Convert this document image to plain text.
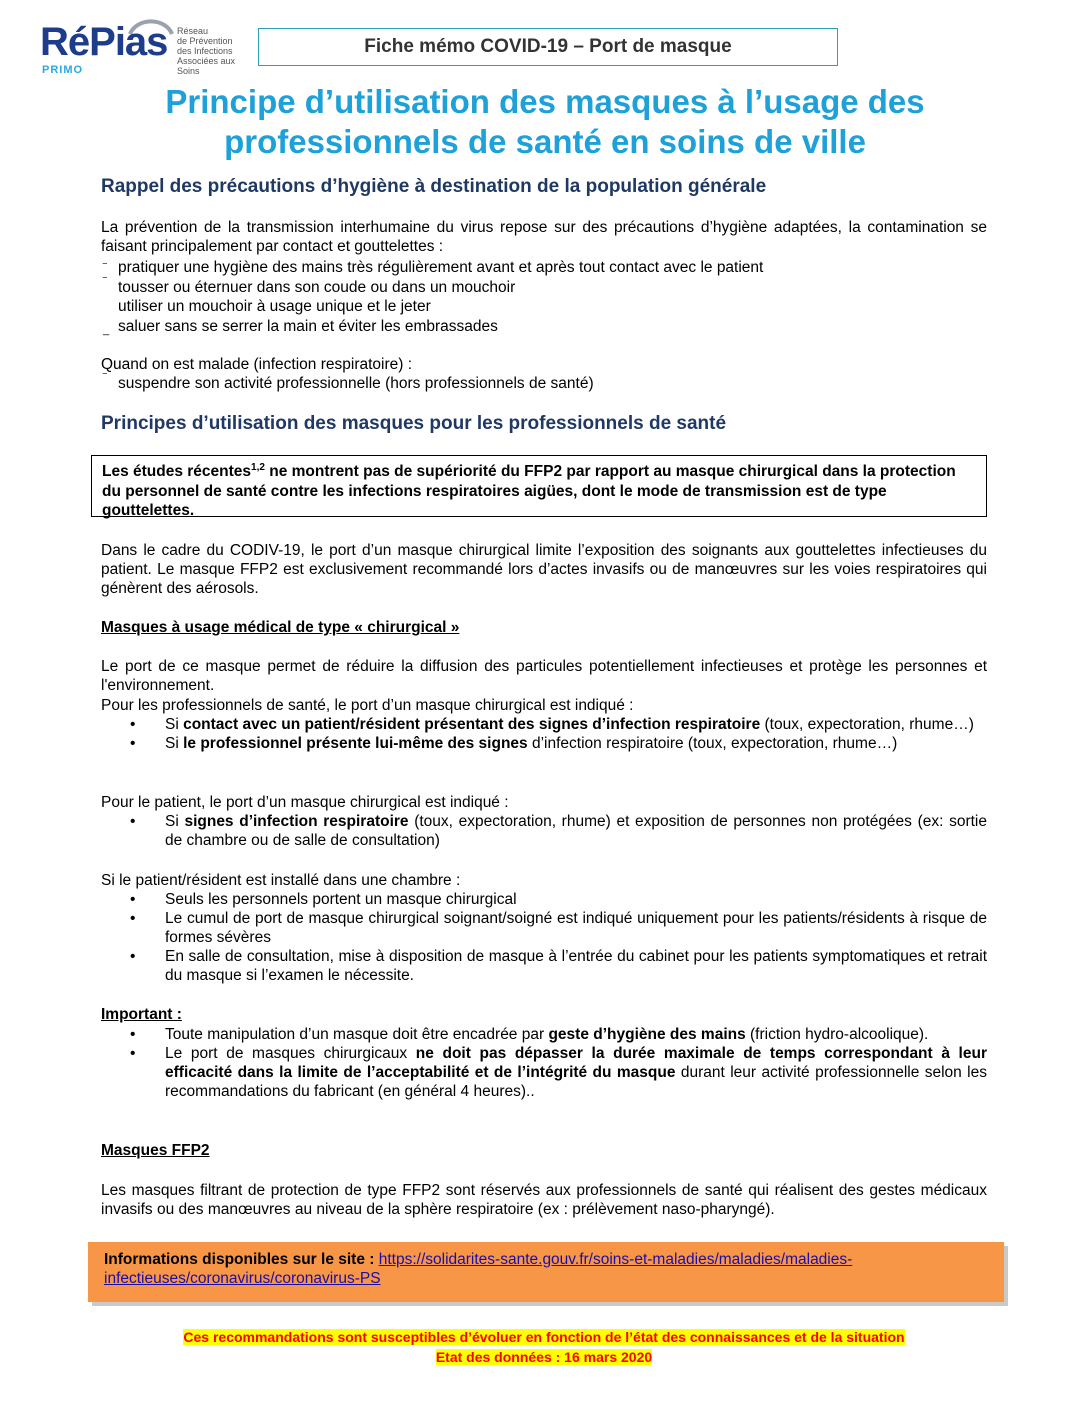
RéPias Réseau
de Prévention
des Infections
Associées aux Soins
PRIMO
Fiche mémo COVID-19 – Port de masque
Principe d’utilisation des masques à l’usage des
professionnels de santé en soins de ville
Rappel des précautions d’hygiène à destination de la population générale

La prévention de la transmission interhumaine du virus repose sur des précautions d’hygiène adaptées, la contamination se faisant principalement par contact et gouttelettes :

‾ pratiquer une hygiène des mains très régulièrement avant et après tout contact avec le patient
‾ tousser ou éternuer dans son coude ou dans un mouchoir
utiliser un mouchoir à usage unique et le jeter
_ saluer sans se serrer la main et éviter les embrassades

Quand on est malade (infection respiratoire) :

‾ suspendre son activité professionnelle (hors professionnels de santé)
Principes d’utilisation des masques pour les professionnels de santé
Les études récentes$^{1,2}$ ne montrent pas de supériorité du FFP2 par rapport au masque chirurgical dans la protection du personnel de santé contre les infections respiratoires aigües, dont le mode de transmission est de type gouttelettes.

Dans le cadre du CODIV-19, le port d’un masque chirurgical limite l’exposition des soignants aux gouttelettes infectieuses du patient. Le masque FFP2 est exclusivement recommandé lors d’actes invasifs ou de manœuvres sur les voies respiratoires qui génèrent des aérosols.

Masques à usage médical de type « chirurgical »

Le port de ce masque permet de réduire la diffusion des particules potentiellement infectieuses et protège les personnes et l'environnement.

Pour les professionnels de santé, le port d’un masque chirurgical est indiqué :

• Si contact avec un patient/résident présentant des signes d’infection respiratoire (toux, expectoration, rhume…)
• Si le professionnel présente lui-même des signes d’infection respiratoire (toux, expectoration, rhume…)

Pour le patient, le port d’un masque chirurgical est indiqué :

• Si signes d’infection respiratoire (toux, expectoration, rhume) et exposition de personnes non protégées (ex: sortie de chambre ou de salle de consultation)

Si le patient/résident est installé dans une chambre :

• Seuls les personnels portent un masque chirurgical
• Le cumul de port de masque chirurgical soignant/soigné est indiqué uniquement pour les patients/résidents à risque de formes sévères
• En salle de consultation, mise à disposition de masque à l’entrée du cabinet pour les patients symptomatiques et retrait du masque si l’examen le nécessite.

Important :

• Toute manipulation d’un masque doit être encadrée par geste d’hygiène des mains (friction hydro-alcoolique).
• Le port de masques chirurgicaux ne doit pas dépasser la durée maximale de temps correspondant à leur efficacité dans la limite de l’acceptabilité et de l’intégrité du masque durant leur activité professionnelle selon les recommandations du fabricant (en général 4 heures)..

Masques FFP2

Les masques filtrant de protection de type FFP2 sont réservés aux professionnels de santé qui réalisent des gestes médicaux invasifs ou des manœuvres au niveau de la sphère respiratoire (ex : prélèvement naso-pharyngé).

Informations disponibles sur le site : https://solidarites-sante.gouv.fr/soins-et-maladies/maladies/maladies-infectieuses/coronavirus/coronavirus-PS
Ces recommandations sont susceptibles d’évoluer en fonction de l’état des connaissances et de la situation
Etat des données : 16 mars 2020
